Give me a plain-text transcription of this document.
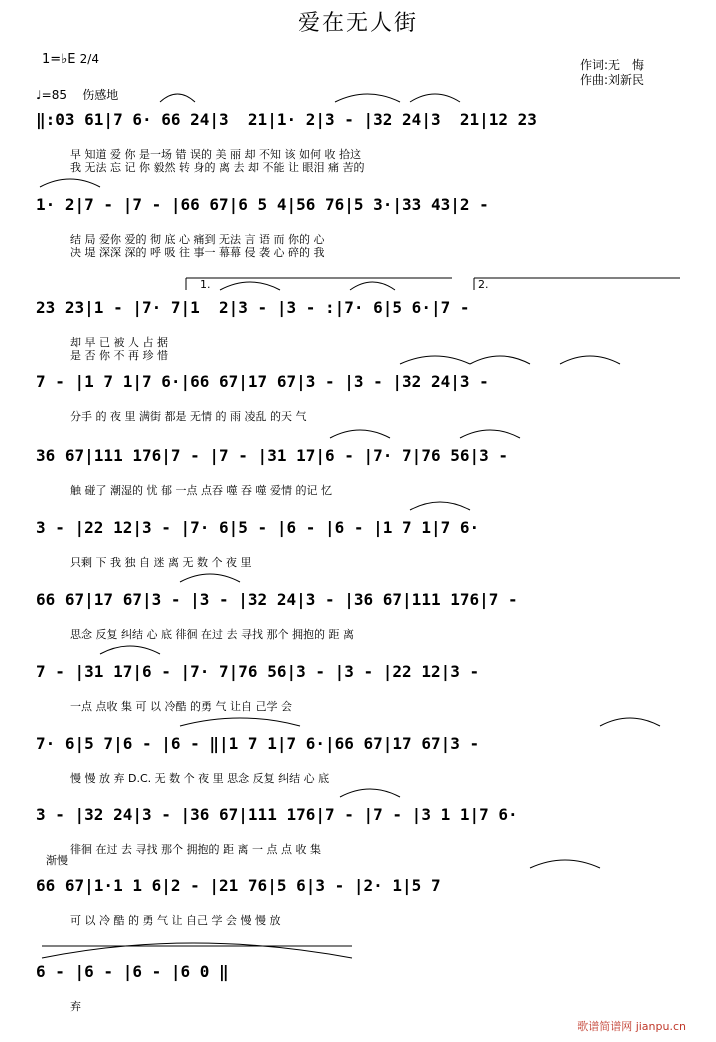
爱在无人街
1=♭E 2/4
♩=85 伤感地
作词:无　悔
作曲:刘新民
‖:03 61|7 6· 66 24|3  21|1· 2|3 - |32 24|3  21|12 23
早 知道 爱 你 是一场 错 误的 美 丽 却 不知 该 如何 收 拾这
我 无法 忘 记 你 毅然 转 身的 离 去 却 不能 让 眼泪 痛 苦的
1· 2|7 - |7 - |66 67|6 5 4|56 76|5 3·|33 43|2 -
结 局 爱你 爱的 彻 底 心 痛到 无法 言 语 而 你的 心
决 堤 深深 深的 呼 吸 往 事一 幕幕 侵 袭 心 碎的 我
23 23|1 - |7· 7|1  2|3 - |3 - :|7· 6|5 6·|7 -
却 早 已 被 人 占 据
是 否 你 不 再 珍 惜
7 - |1 7 1|7 6·|66 67|17 67|3 - |3 - |32 24|3 -
分手 的 夜 里 满街 都是 无情 的 雨 凌乱 的天 气
36 67|111 176|7 - |7 - |31 17|6 - |7· 7|76 56|3 -
触 碰了 潮湿的 忧 郁 一点 点吞 噬 吞 噬 爱情 的记 忆
3 - |22 12|3 - |7· 6|5 - |6 - |6 - |1 7 1|7 6·
只剩 下 我 独 自 迷 离 无 数 个 夜 里
66 67|17 67|3 - |3 - |32 24|3 - |36 67|111 176|7 -
思念 反复 纠结 心 底 徘徊 在过 去 寻找 那个 拥抱的 距 离
7 - |31 17|6 - |7· 7|76 56|3 - |3 - |22 12|3 -
一点 点收 集 可 以 冷酷 的勇 气 让自 己学 会
7· 6|5 7|6 - |6 - ‖|1 7 1|7 6·|66 67|17 67|3 -
慢 慢 放 弃 D.C. 无 数 个 夜 里 思念 反复 纠结 心 底
3 - |32 24|3 - |36 67|111 176|7 - |7 - |3 1 1|7 6·
徘徊 在过 去 寻找 那个 拥抱的 距 离 一 点 点 收 集
66 67|1·1 1 6|2 - |21 76|5 6|3 - |2· 1|5 7
可 以 冷 酷 的 勇 气 让 自己 学 会 慢 慢 放
6 - |6 - |6 - |6 0 ‖
弃
1.	2.
渐慢
歌谱简谱网 jianpu.cn
